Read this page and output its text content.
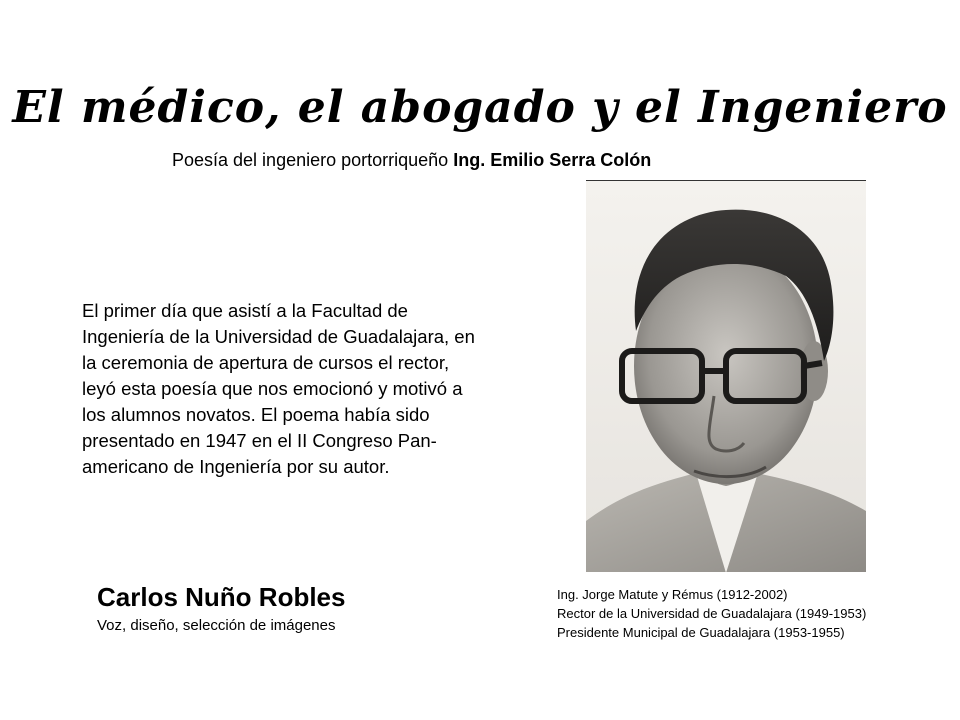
El médico, el abogado y el Ingeniero
Poesía del ingeniero portorriqueño Ing. Emilio Serra Colón
El primer día que asistí a la Facultad de
Ingeniería de la Universidad de Guadalajara, en
la ceremonia de apertura de cursos el rector,
leyó esta poesía que nos emocionó y motivó a
los alumnos novatos. El poema había sido
presentado en 1947 en el II Congreso Pan-
americano de Ingeniería por su autor.
Carlos Nuño Robles
Voz, diseño, selección de imágenes
Ing. Jorge Matute y Rémus (1912-2002)
Rector de la Universidad de Guadalajara (1949-1953)
Presidente Municipal de Guadalajara (1953-1955)
